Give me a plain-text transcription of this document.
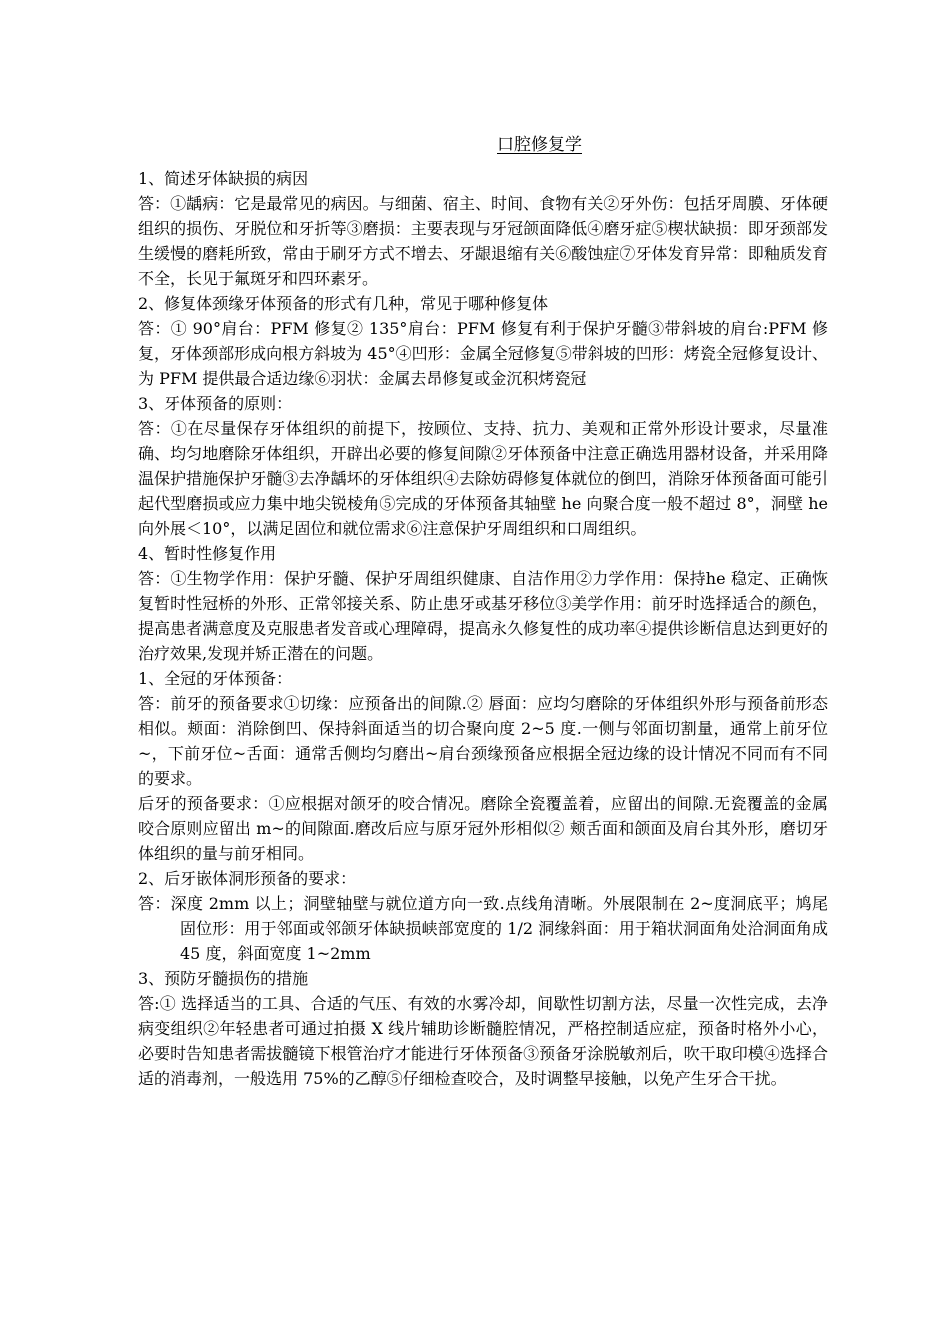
口腔修复学

1、简述牙体缺损的病因

答：①龋病：它是最常见的病因。与细菌、宿主、时间、食物有关②牙外伤：包括牙周膜、牙体硬组织的损伤、牙脱位和牙折等③磨损：主要表现与牙冠颌面降低④磨牙症⑤楔状缺损：即牙颈部发生缓慢的磨耗所致，常由于刷牙方式不增去、牙龈退缩有关⑥酸蚀症⑦牙体发育异常：即釉质发育不全，长见于氟斑牙和四环素牙。

2、修复体颈缘牙体预备的形式有几种，常见于哪种修复体

答：① 90°肩台：PFM 修复② 135°肩台：PFM 修复有利于保护牙髓③带斜坡的肩台:PFM 修复，牙体颈部形成向根方斜坡为 45°④凹形：金属全冠修复⑤带斜坡的凹形：烤瓷全冠修复设计、为 PFM 提供最合适边缘⑥羽状：金属去昂修复或金沉积烤瓷冠

3、牙体预备的原则：

答：①在尽量保存牙体组织的前提下，按顾位、支持、抗力、美观和正常外形设计要求，尽量准确、均匀地磨除牙体组织，开辟出必要的修复间隙②牙体预备中注意正确选用器材设备，并采用降温保护措施保护牙髓③去净龋坏的牙体组织④去除妨碍修复体就位的倒凹，消除牙体预备面可能引起代型磨损或应力集中地尖锐棱角⑤完成的牙体预备其轴壁 he 向聚合度一般不超过 8°，洞壁 he 向外展＜10°，以满足固位和就位需求⑥注意保护牙周组织和口周组织。

4、暂时性修复作用

答：①生物学作用：保护牙髓、保护牙周组织健康、自洁作用②力学作用：保持he 稳定、正确恢复暂时性冠桥的外形、正常邻接关系、防止患牙或基牙移位③美学作用：前牙时选择适合的颜色，提高患者满意度及克服患者发音或心理障碍，提高永久修复性的成功率④提供诊断信息达到更好的治疗效果,发现并矫正潜在的问题。

1、全冠的牙体预备：

答：前牙的预备要求①切缘：应预备出的间隙.② 唇面：应均匀磨除的牙体组织外形与预备前形态相似。颊面：消除倒凹、保持斜面适当的切合聚向度 2~5 度.一侧与邻面切割量，通常上前牙位~，下前牙位~舌面：通常舌侧均匀磨出~肩台颈缘预备应根据全冠边缘的设计情况不同而有不同的要求。

后牙的预备要求：①应根据对颌牙的咬合情况。磨除全瓷覆盖着，应留出的间隙.无瓷覆盖的金属咬合原则应留出 m~的间隙面.磨改后应与原牙冠外形相似② 颊舌面和颌面及肩台其外形，磨切牙体组织的量与前牙相同。

2、后牙嵌体洞形预备的要求：

答：深度 2mm 以上；洞壁轴壁与就位道方向一致.点线角清晰。外展限制在 2~度洞底平；鸠尾固位形：用于邻面或邻颌牙体缺损峡部宽度的 1/2 洞缘斜面：用于箱状洞面角处洽洞面角成 45 度，斜面宽度 1~2mm

3、预防牙髓损伤的措施

答:① 选择适当的工具、合适的气压、有效的水雾冷却，间歇性切割方法，尽量一次性完成，去净病变组织②年轻患者可通过拍摄 X 线片辅助诊断髓腔情况，严格控制适应症，预备时格外小心，必要时告知患者需拔髓镜下根管治疗才能进行牙体预备③预备牙涂脱敏剂后，吹干取印模④选择合适的消毒剂，一般选用 75%的乙醇⑤仔细检查咬合，及时调整早接触，以免产生牙合干扰。
